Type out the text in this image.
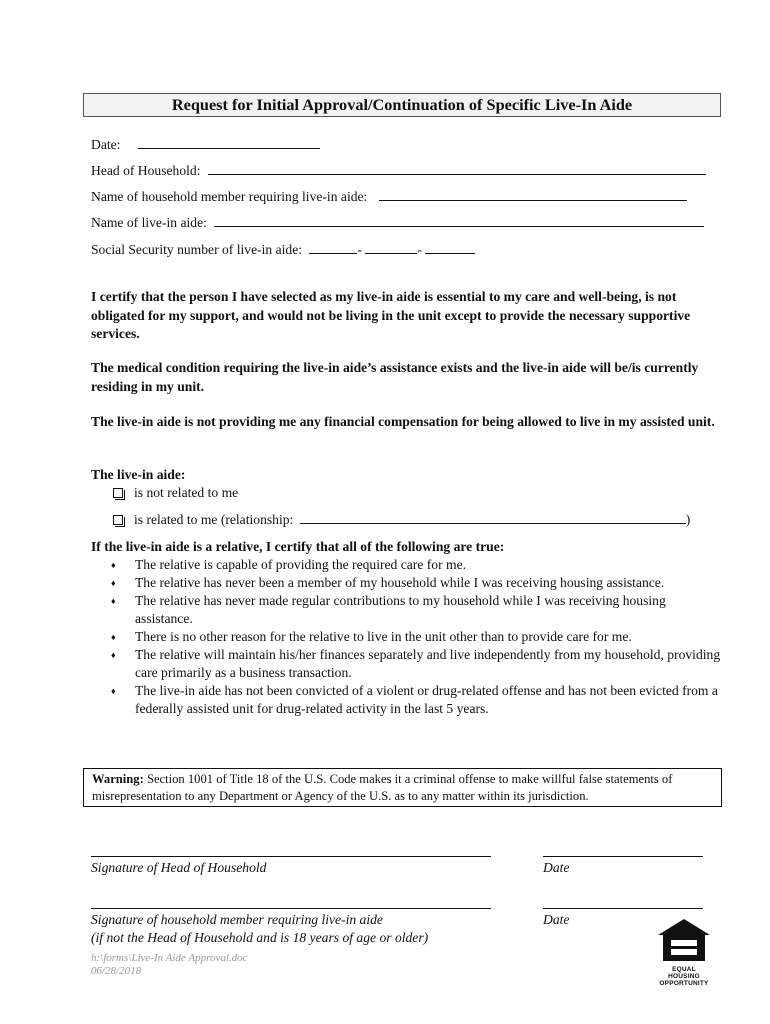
Request for Initial Approval/Continuation of Specific Live-In Aide
Date:
Head of Household:
Name of household member requiring live-in aide:
Name of live-in aide:
Social Security number of live-in aide:	-	-
I certify that the person I have selected as my live-in aide is essential to my care and well-being, is not obligated for my support, and would not be living in the unit except to provide the necessary supportive services.
The medical condition requiring the live-in aide’s assistance exists and the live-in aide will be/is currently residing in my unit.
The live-in aide is not providing me any financial compensation for being allowed to live in my assisted unit.
The live-in aide:
is not related to me
is related to me (relationship:	)
If the live-in aide is a relative, I certify that all of the following are true:
♦	The relative is capable of providing the required care for me.
♦	The relative has never been a member of my household while I was receiving housing assistance.
♦	The relative has never made regular contributions to my household while I was receiving housing assistance.
♦	There is no other reason for the relative to live in the unit other than to provide care for me.
♦	The relative will maintain his/her finances separately and live independently from my household, providing care primarily as a business transaction.
♦	The live-in aide has not been convicted of a violent or drug-related offense and has not been evicted from a federally assisted unit for drug-related activity in the last 5 years.
Warning: Section 1001 of Title 18 of the U.S. Code makes it a criminal offense to make willful false statements of misrepresentation to any Department or Agency of the U.S. as to any matter within its jurisdiction.
Signature of Head of Household	Date
Signature of household member requiring live-in aide
(if not the Head of Household and is 18 years of age or older)
Date
h:\forms\Live-In Aide Approval.doc
06/28/2018	EQUAL HOUSING
OPPORTUNITY
